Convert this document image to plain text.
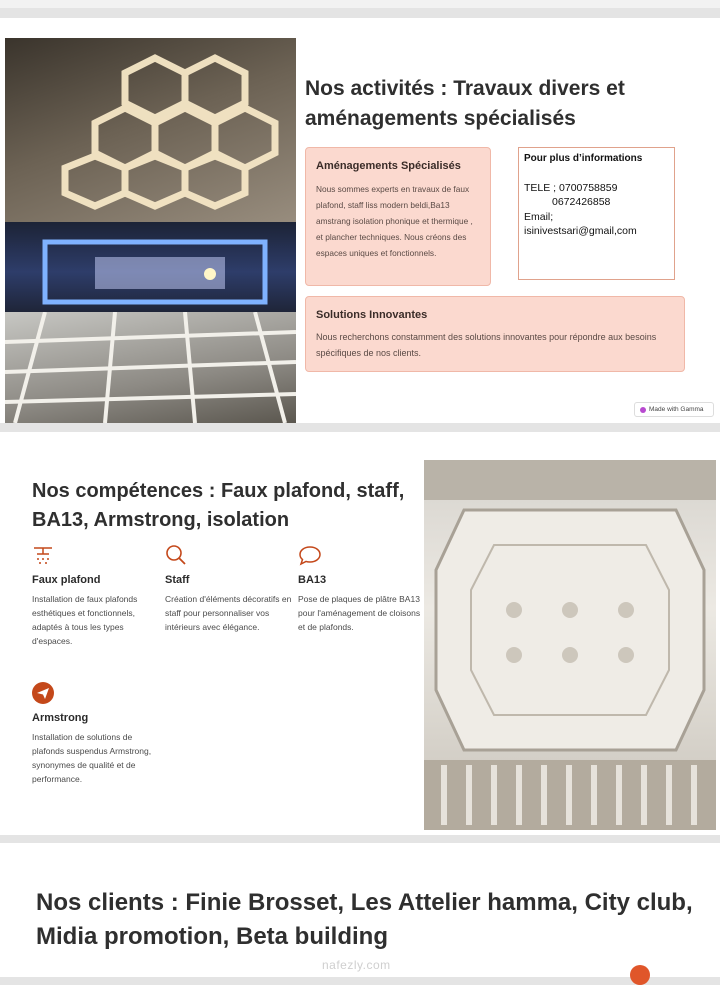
Nos activités : Travaux divers et aménagements spécialisés
Aménagements Spécialisés
Nous sommes experts en travaux de faux plafond, staff liss modern beldi,Ba13 amstrang isolation phonique et thermique , et plancher techniques. Nous créons des espaces uniques et fonctionnels.
Pour plus d’informations
TELE ; 0700758859
0672426858
Email;
isinivestsari@gmail,com
Solutions Innovantes
Nous recherchons constamment des solutions innovantes pour répondre aux besoins spécifiques de nos clients.
Made with Gamma
Nos compétences : Faux plafond, staff, BA13, Armstrong, isolation
Faux plafond
Installation de faux plafonds esthétiques et fonctionnels, adaptés à tous les types d'espaces.
Staff
Création d'éléments décoratifs en staff pour personnaliser vos intérieurs avec élégance.
BA13
Pose de plaques de plâtre BA13 pour l'aménagement de cloisons et de plafonds.
Armstrong
Installation de solutions de plafonds suspendus Armstrong, synonymes de qualité et de performance.
Nos clients : Finie Brosset, Les Attelier hamma, City club, Midia promotion, Beta building
nafezly.com
